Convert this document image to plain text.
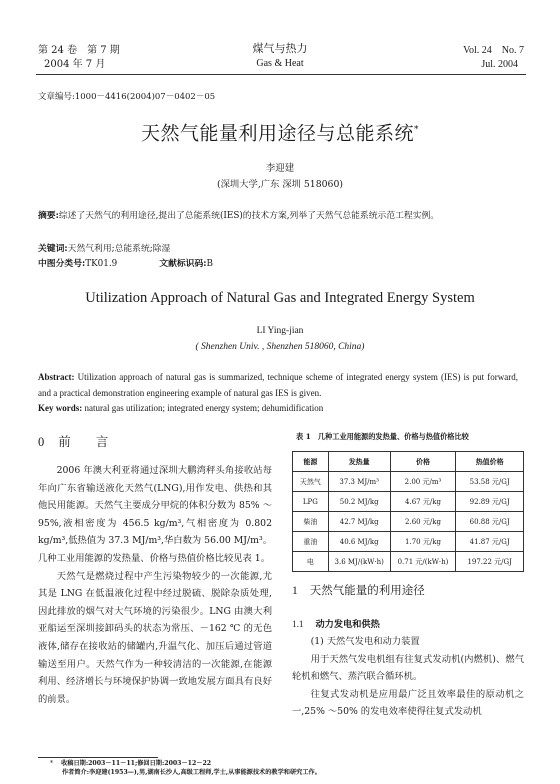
第 24 卷　第 7 期
2004 年 7 月
煤气与热力
Gas & Heat
Vol. 24　No. 7
Jul. 2004
文章编号:1000－4416(2004)07－0402－05
天然气能量利用途径与总能系统*
李迎建
(深圳大学,广东 深圳 518060)
摘要:综述了天然气的利用途径,提出了总能系统(IES)的技术方案,列举了天然气总能系统示范工程实例。
关键词:天然气利用;总能系统;除湿
中图分类号:TK01.9	文献标识码:B
Utilization Approach of Natural Gas and Integrated Energy System
LI Ying-jian
( Shenzhen Univ. , Shenzhen 518060, China)
Abstract: Utilization approach of natural gas is summarized, technique scheme of integrated energy system (IES) is put forward, and a practical demonstration engineering example of natural gas IES is given.
Key words: natural gas utilization; integrated energy system; dehumidification
0 前　　言

2006 年澳大利亚将通过深圳大鹏湾秤头角接收站每年向广东省输送液化天然气(LNG),用作发电、供热和其他民用能源。天然气主要成分甲烷的体积分数为 85% ～95%,液相密度为 456.5 kg/m³,气相密度为 0.802 kg/m³,低热值为 37.3 MJ/m³,华白数为 56.00 MJ/m³。几种工业用能源的发热量、价格与热值价格比较见表 1。

天然气是燃烧过程中产生污染物较少的一次能源,尤其是 LNG 在低温液化过程中经过脱硫、脱除杂质处理,因此排放的烟气对大气环境的污染很少。LNG 由澳大利亚船运至深圳接卸码头的状态为常压、－162 ℃ 的无色液体,储存在接收站的储罐内,升温气化、加压后通过管道输送至用户。天然气作为一种较清洁的一次能源,在能源利用、经济增长与环境保护协调一致地发展方面具有良好的前景。

表 1　几种工业用能源的发热量、价格与热值价格比较
能源	发热量	价格	热值价格
天然气	37.3 MJ/m³	2.00 元/m³	53.58 元/GJ
LPG	50.2 MJ/kg	4.67 元/kg	92.89 元/GJ
柴油	42.7 MJ/kg	2.60 元/kg	60.88 元/GJ
重油	40.6 MJ/kg	1.70 元/kg	41.87 元/GJ
电	3.6 MJ/(kW·h)	0.71 元/(kW·h)	197.22 元/GJ
1 天然气能量的利用途径
1.1 动力发电和供热

(1) 天然气发电和动力装置

用于天然气发电机组有往复式发动机(内燃机)、燃气轮机和燃气、蒸汽联合循环机。

往复式发动机是应用最广泛且效率最佳的原动机之一,25% ～50% 的发电效率使得往复式发动机

* 收稿日期:2003－11－11;修回日期:2003－12－22
作者简介:李迎建(1953—),男,湖南长沙人,高级工程师,学士,从事能源技术的教学和研究工作。
